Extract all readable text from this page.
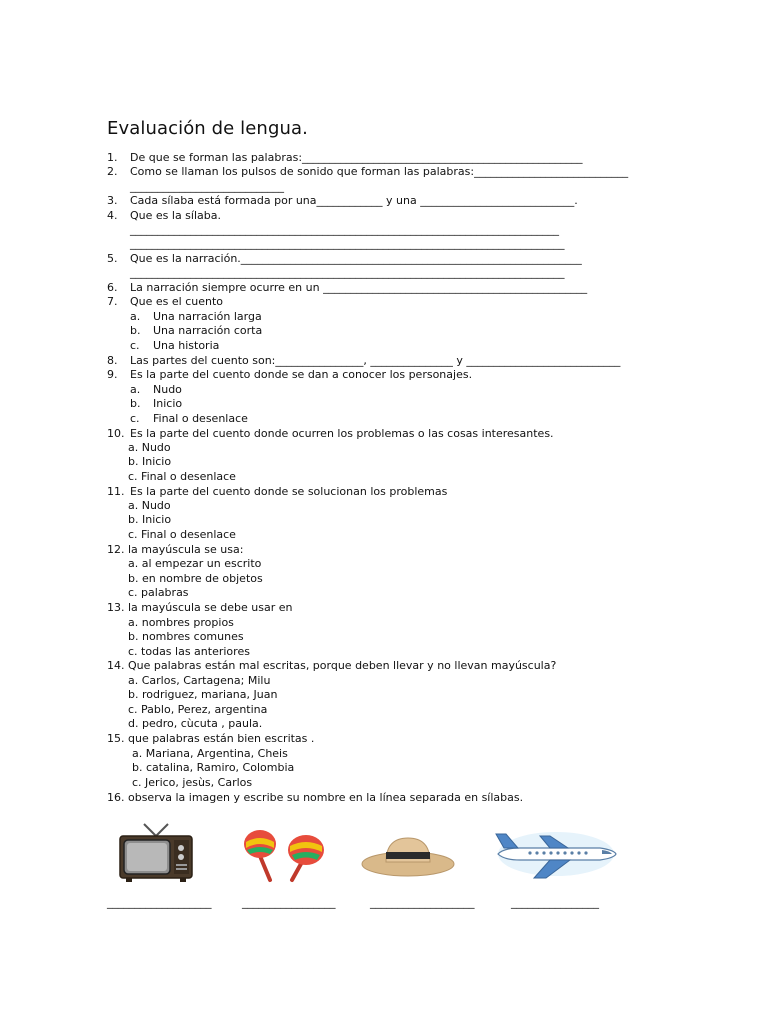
Evaluación de lengua.
1. De que se forman las palabras:___________________________________________________
2. Como se llaman los pulsos de sonido que forman las palabras:____________________________
____________________________
3. Cada sílaba está formada por una____________ y una ____________________________.
4. Que es la sílaba.
______________________________________________________________________________
_______________________________________________________________________________
5. Que es la narración.______________________________________________________________
_______________________________________________________________________________
6. La narración siempre ocurre en un ________________________________________________
7. Que es el cuento
a. Una narración larga
b. Una narración corta
c. Una historia
8. Las partes del cuento son:________________, _______________ y ____________________________
9. Es la parte del cuento donde se dan a conocer los personajes.
a. Nudo
b. Inicio
c. Final o desenlace
10. Es la parte del cuento donde ocurren los problemas o las cosas interesantes.
a. Nudo
b. Inicio
c. Final o desenlace
11. Es la parte del cuento donde se solucionan los problemas
a. Nudo
b. Inicio
c. Final o desenlace
12. la mayúscula se usa:
a. al empezar un escrito
b. en nombre de objetos
c. palabras
13. la mayúscula se debe usar en
a. nombres propios
b. nombres comunes
c. todas las anteriores
14. Que palabras están mal escritas, porque deben llevar y no llevan mayúscula?
a. Carlos, Cartagena; Milu
b. rodriguez, mariana, Juan
c. Pablo, Perez, argentina
d. pedro, cùcuta , paula.
15. que palabras están bien escritas .
a. Mariana, Argentina, Cheis
b. catalina, Ramiro, Colombia
c. Jerico, jesùs, Carlos
16. observa la imagen y escribe su nombre en la línea separada en sílabas.
___________________	_________________	___________________	________________
